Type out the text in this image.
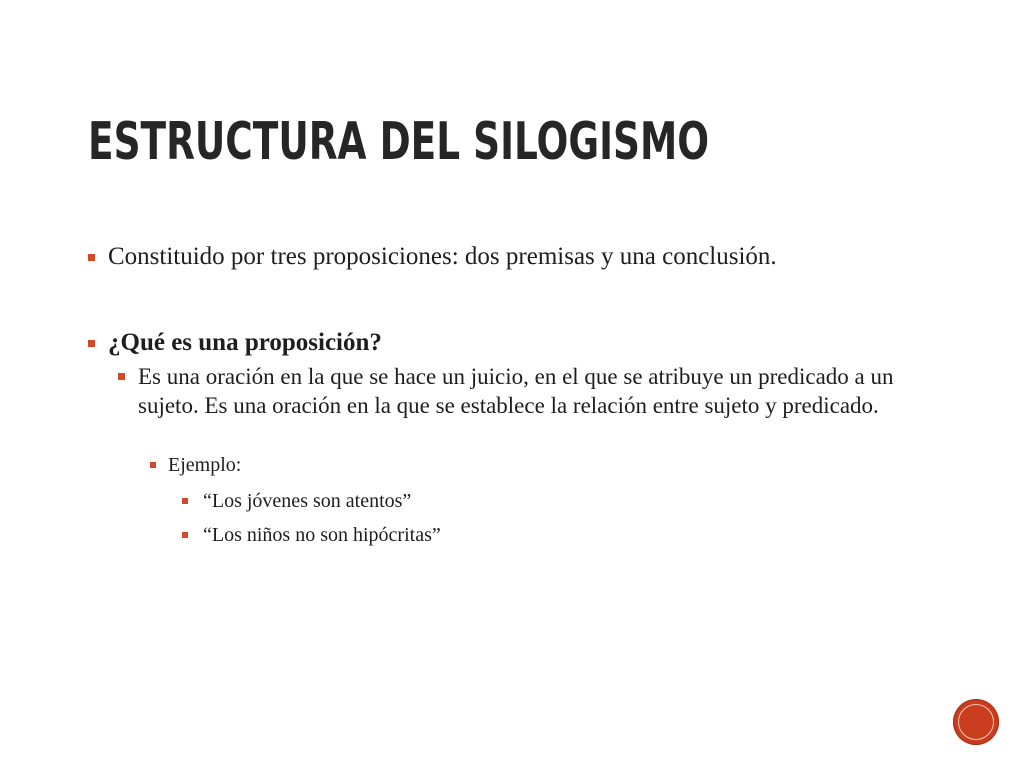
ESTRUCTURA DEL SILOGISMO
Constituido por tres proposiciones: dos premisas y una conclusión.
¿Qué es una proposición?
Es una oración en la que se hace un juicio, en el que se atribuye un predicado a un sujeto. Es una oración en la que se establece la relación entre sujeto y predicado.
Ejemplo:
“Los jóvenes son atentos”
“Los niños no son hipócritas”
